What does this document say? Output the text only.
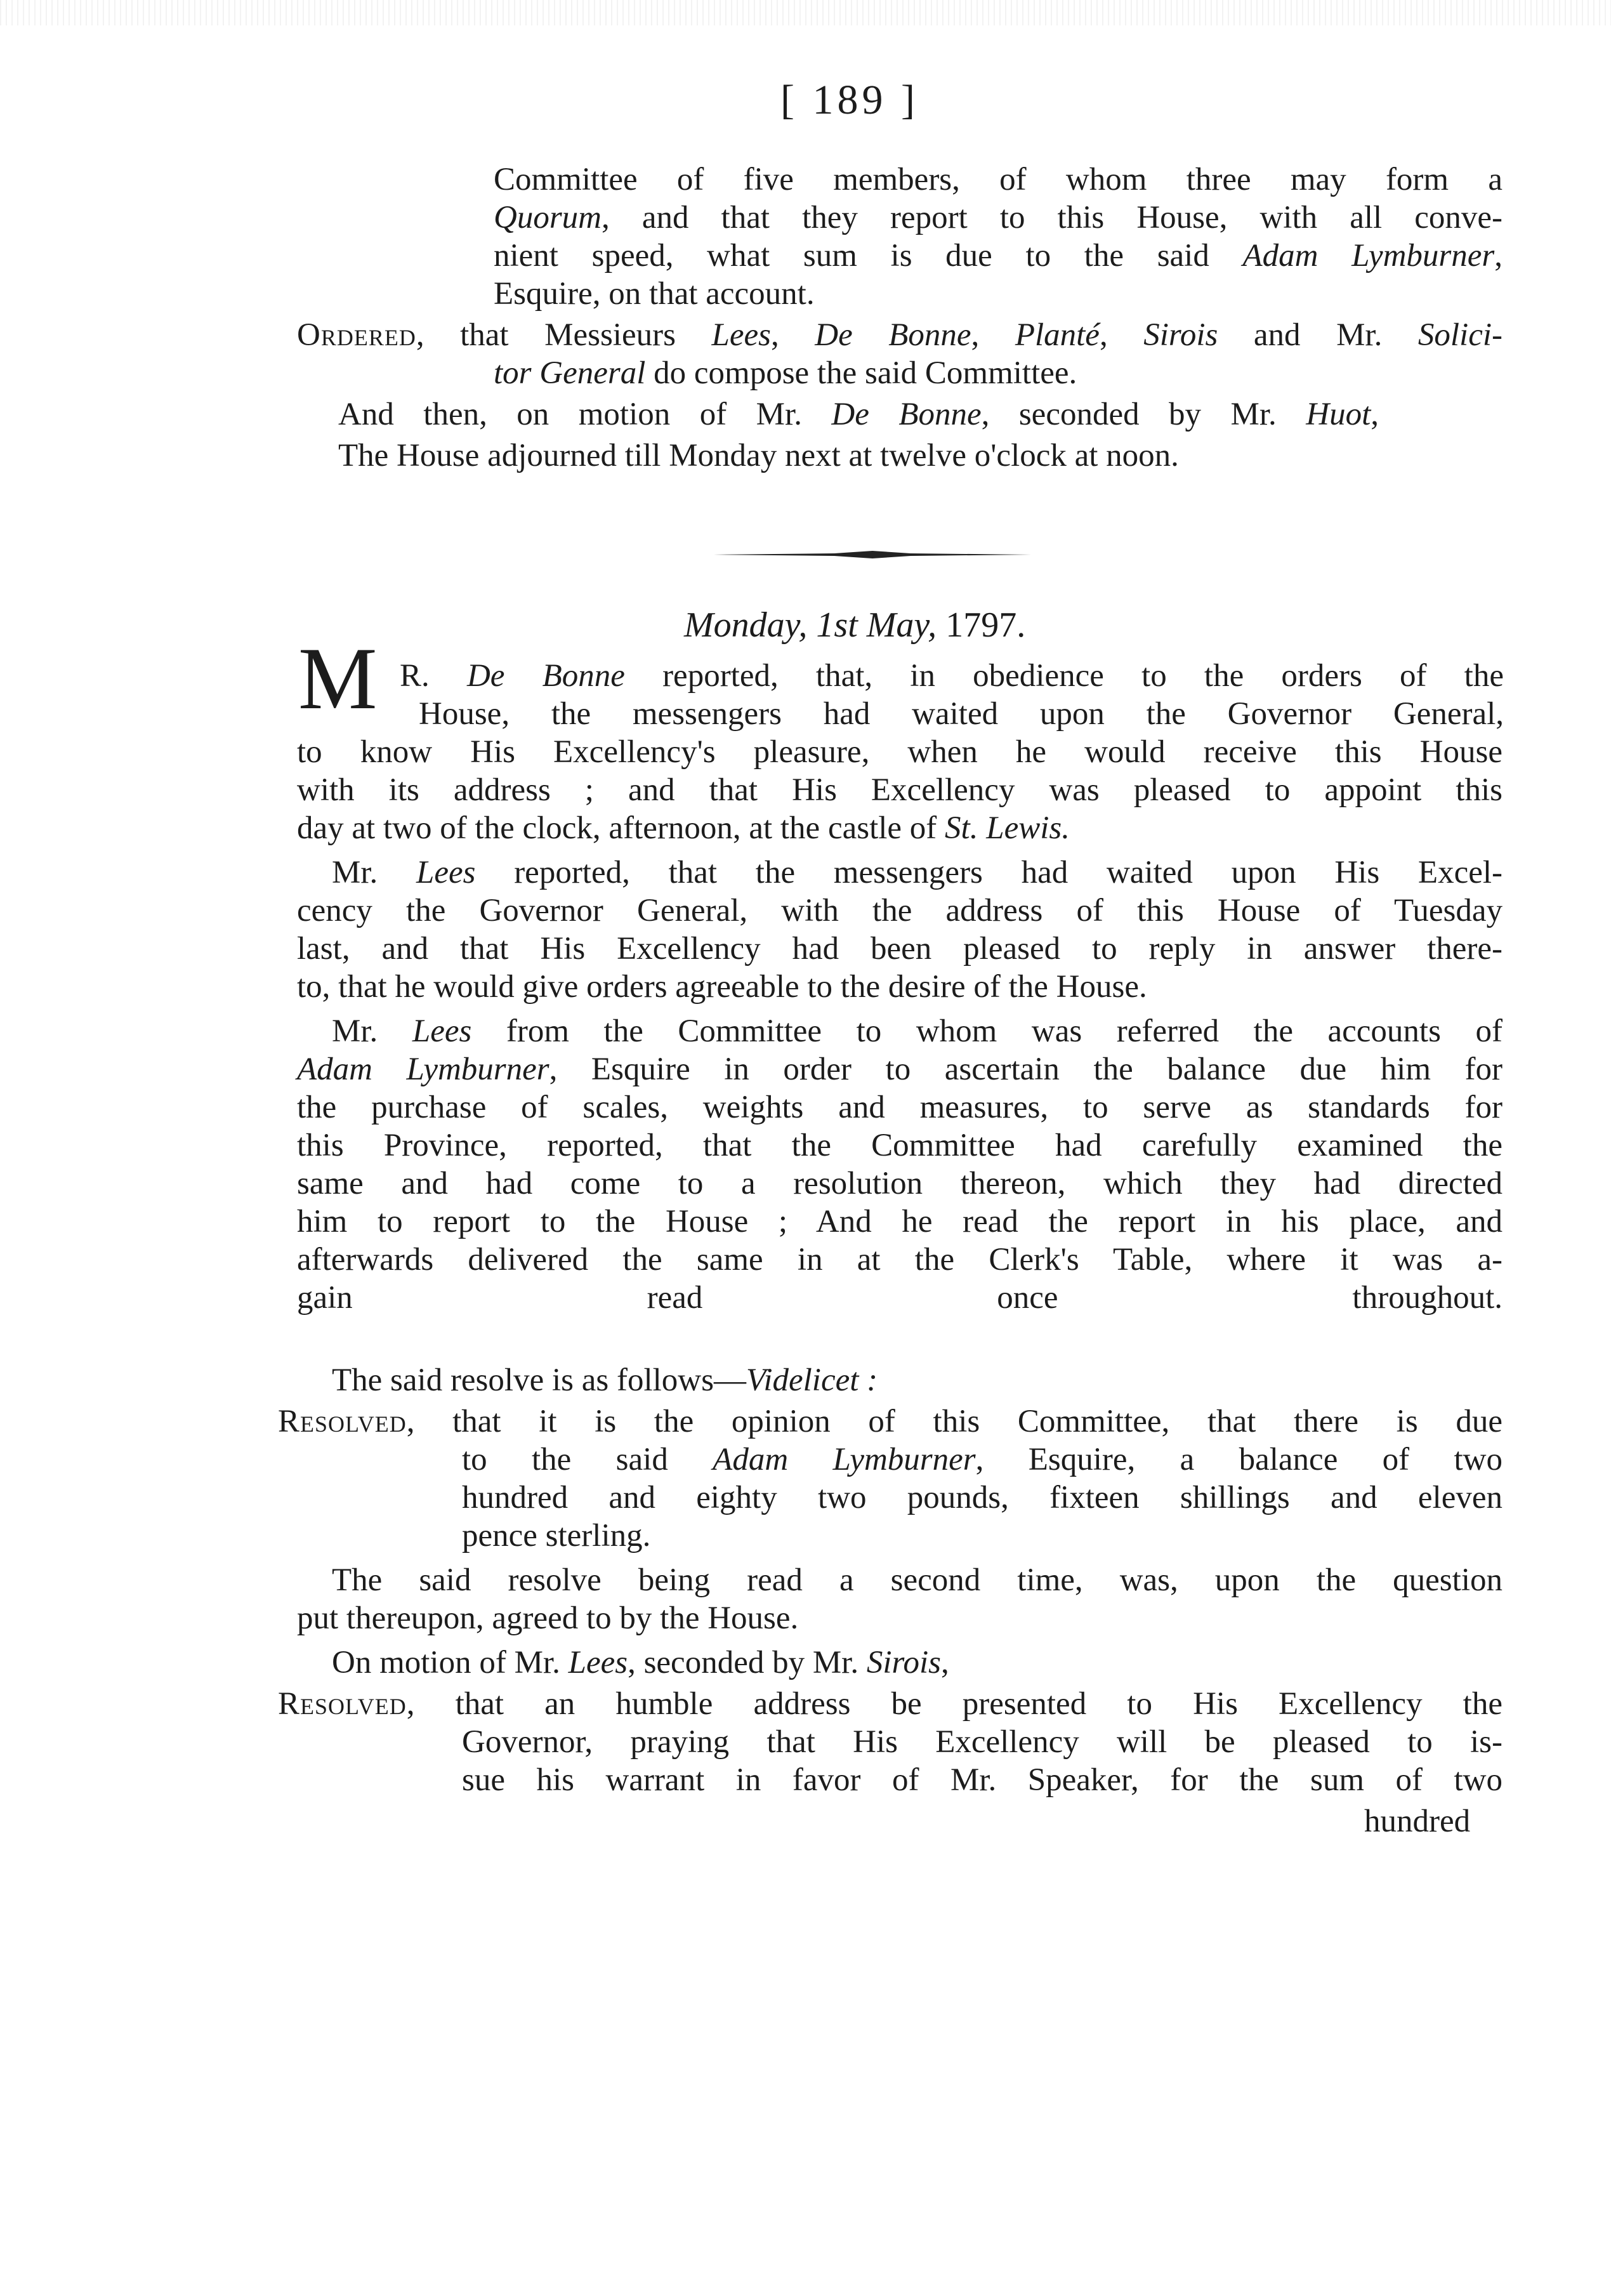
[ 189 ]
Committee of five members, of whom three may form a
Quorum, and that they report to this House, with all conve-
nient speed, what sum is due to the said Adam Lymburner,
Esquire, on that account.
Ordered, that Messieurs Lees, De Bonne, Planté, Sirois and Mr. Solici-
tor General do compose the said Committee.
And then, on motion of Mr. De Bonne, seconded by Mr. Huot,
The House adjourned till Monday next at twelve o'clock at noon.
Monday, 1st May, 1797.
M R. De Bonne reported, that, in obedience to the orders of the
House, the messengers had waited upon the Governor General,
to know His Excellency's pleasure, when he would receive this House
with its address ; and that His Excellency was pleased to appoint this
day at two of the clock, afternoon, at the castle of St. Lewis.
Mr. Lees reported, that the messengers had waited upon His Excel-
cency the Governor General, with the address of this House of Tuesday
last, and that His Excellency had been pleased to reply in answer there-
to, that he would give orders agreeable to the desire of the House.
Mr. Lees from the Committee to whom was referred the accounts of
Adam Lymburner, Esquire in order to ascertain the balance due him for
the purchase of scales, weights and measures, to serve as standards for
this Province, reported, that the Committee had carefully examined the
same and had come to a resolution thereon, which they had directed
him to report to the House ; And he read the report in his place, and
afterwards delivered the same in at the Clerk's Table, where it was a-
gain read once throughout.
The said resolve is as follows—Videlicet :
Resolved, that it is the opinion of this Committee, that there is due
to the said Adam Lymburner, Esquire, a balance of two
hundred and eighty two pounds, fixteen shillings and eleven
pence sterling.
The said resolve being read a second time, was, upon the question
put thereupon, agreed to by the House.
On motion of Mr. Lees, seconded by Mr. Sirois,
Resolved, that an humble address be presented to His Excellency the
Governor, praying that His Excellency will be pleased to is-
sue his warrant in favor of Mr. Speaker, for the sum of two
hundred
